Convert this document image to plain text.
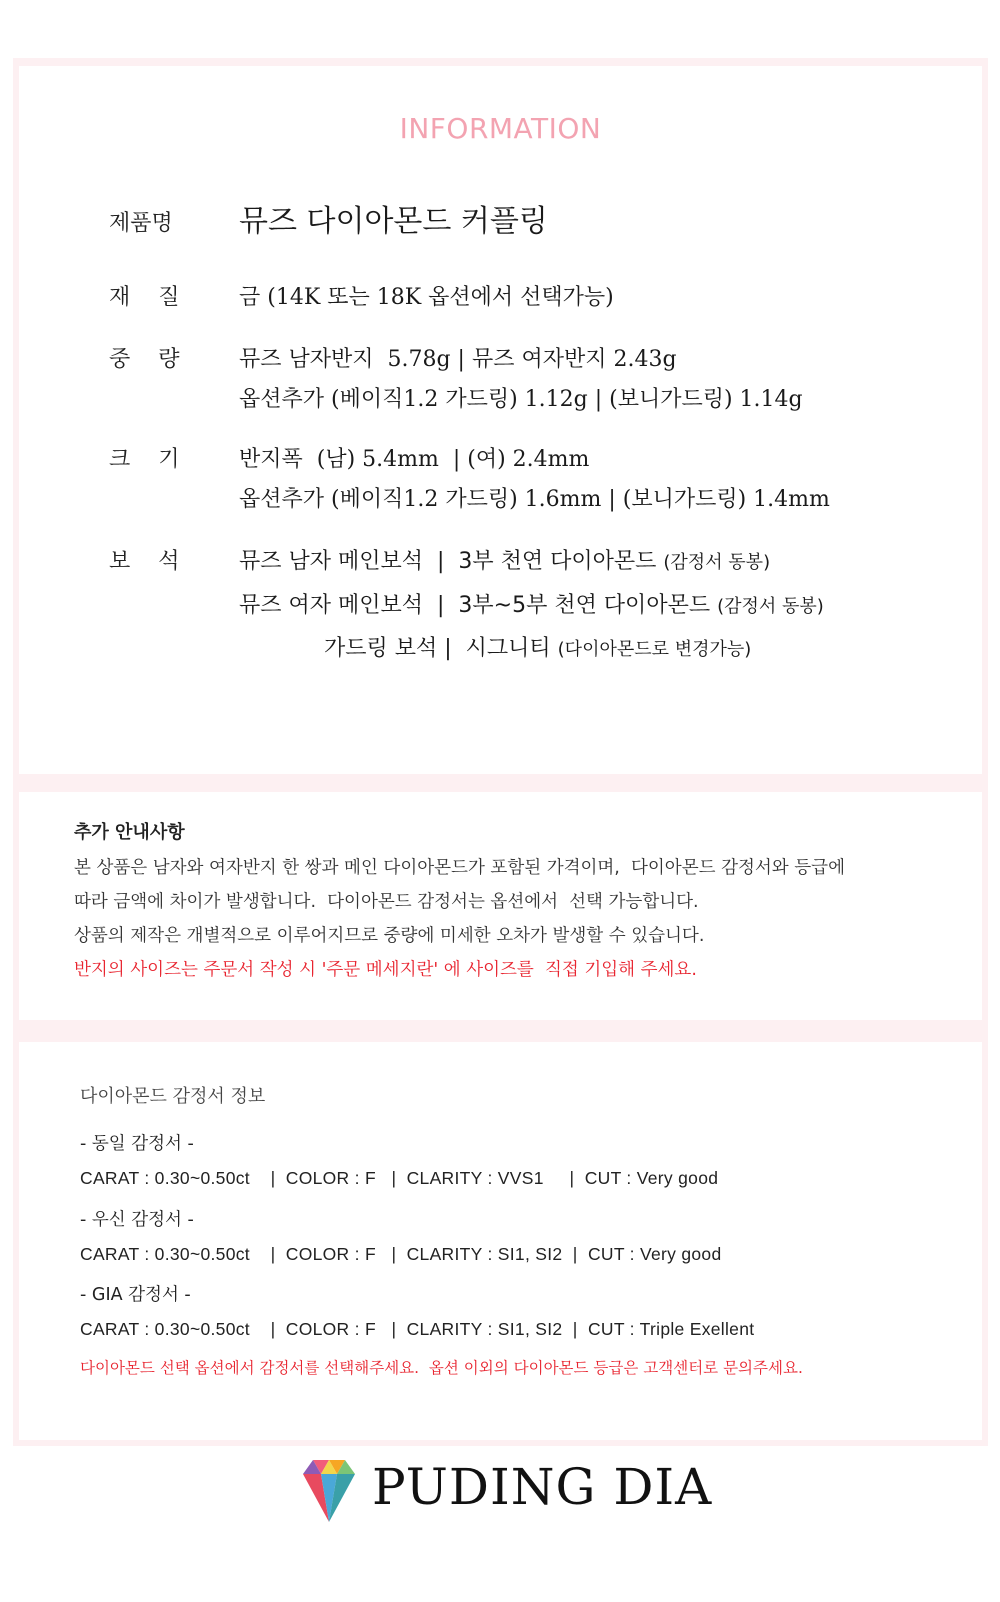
INFORMATION
제품명 뮤즈 다이아몬드 커플링
재    질	금 (14K 또는 18K 옵션에서 선택가능)
중    량	뮤즈 남자반지  5.78g | 뮤즈 여자반지 2.43g
옵션추가 (베이직1.2 가드링) 1.12g | (보니가드링) 1.14g
크    기	반지폭  (남) 5.4mm  | (여) 2.4mm
옵션추가 (베이직1.2 가드링) 1.6mm | (보니가드링) 1.4mm
보    석	뮤즈 남자 메인보석  |  3부 천연 다이아몬드 (감정서 동봉)
뮤즈 여자 메인보석  |  3부~5부 천연 다이아몬드 (감정서 동봉)
가드링 보석 |  시그니티 (다이아몬드로 변경가능)
추가 안내사항
본 상품은 남자와 여자반지 한 쌍과 메인 다이아몬드가 포함된 가격이며,  다이아몬드 감정서와 등급에
따라 금액에 차이가 발생합니다.  다이아몬드 감정서는 옵션에서  선택 가능합니다.
상품의 제작은 개별적으로 이루어지므로 중량에 미세한 오차가 발생할 수 있습니다.
반지의 사이즈는 주문서 작성 시 '주문 메세지란' 에 사이즈를  직접 기입해 주세요.
다이아몬드 감정서 정보
- 동일 감정서 -
CARAT : 0.30~0.50ct    |  COLOR : F   |  CLARITY : VVS1     |  CUT : Very good
- 우신 감정서 -
CARAT : 0.30~0.50ct    |  COLOR : F   |  CLARITY : SI1, SI2  |  CUT : Very good
- GIA 감정서 -
CARAT : 0.30~0.50ct    |  COLOR : F   |  CLARITY : SI1, SI2  |  CUT : Triple Exellent
다이아몬드 선택 옵션에서 감정서를 선택해주세요.  옵션 이외의 다이아몬드 등급은 고객센터로 문의주세요.
PUDING DIA
